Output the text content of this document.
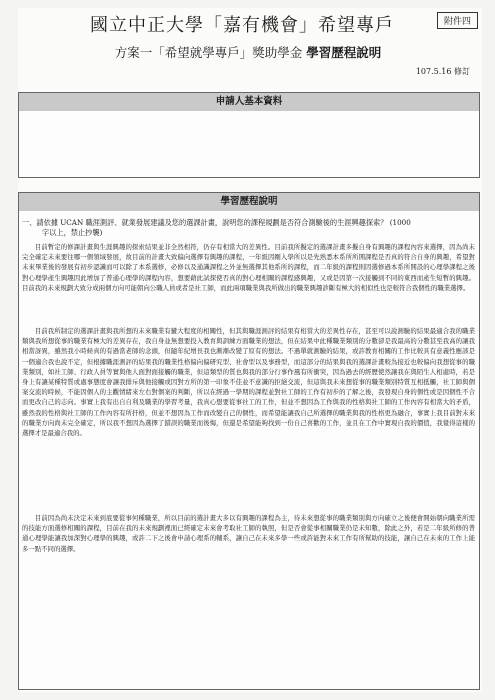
國立中正大學「嘉有機會」希望專戶	附件四
方案一「希望就學專戶」獎助學金 學習歷程說明
107.5.16 修訂
申請人基本資料
學習歷程說明
一、請依據 UCAN 職涯測評、就業發展建議及您的選課計畫，說明您的課程規劃是否符合測驗後的生涯興趣探索？ (1000
字以上，禁止抄襲)
目前暫定的修課計畫與生涯興趣的探索結果並非全然相符，仍存有相當大的差異性。目前我所擬定的選課計畫多擬自身有興趣的課程內容來選擇，因為尚未完全確定未來要往哪一個領域發展，故目前的計畫大致偏向選擇有興趣的課程，一年級因剛入學所以是先熟悉本系所所開課程是否真的符合自身的興趣，希望對未來畢業後的發展有初步認識而可以除了本系選修，必修以及通識課程之外並無選擇其他系所的課程，而二年級的課程則因選修過本系所開設的心理學課程之後對心理學產生興趣因此增加了普通心理學的課程內容，想要藉此試探使否真的對心理相關的課程感興趣，又或是因第一次接觸到不同的東西而產生短暫的興趣。目前我的未來規劃大致分成兩個方向可能朝向公職人員或者是社工師，而此兩項職業與我所做出的職業興趣診斷有極大的相似性也是較符合我個性的職業選擇。
目前我所制定的選課計畫與我所想的未來職業有蠻大程度的相關性，但其與職涯測評的結果有相當大的差異性存在，甚至可以說測驗的結果最適合我的職業類與我所想從事的職業有極大的差異存在，我自身並無想要投入教育與訓練方面職業的想法，但在結果中此種職業類別的分數卻是我最高的分數甚至我高的讓我相當訝異，雖然我小時候真的有過當老師的念頭，但隨年紀增長我也漸漸改變了原有的想法。不過單就測驗的結果，或許教育相關的工作比較具有意義性應該是一個適合我也說不定，但根據職涯測評的結果我的職業性格偏向偏研究型、社會型以及事務型，而這部分的結果與我的選課計畫較為接近也較偏向我想從事的職業類別，如社工師、行政人員等實與他人面對面接觸的職業，但這類型的質也與我的部分行事作風有所衝突，因為過去的經歷使然讓我在與陌生人相處時，若是身上有讓某種特質或處事態度會讓我排斥與他接觸或因對方所的第一印象不佳並不意識的拒絕交流，但這與我未來想從事的職業類別特質互相抵觸，社工師與個案交流的時候，不能因個人的主觀情緒來左右對個案的判斷，所以在經過一學期的課程並對社工師的工作有初步的了解之後，我發現自身的個性或是因個性不合而更改自己的志向。事實上我有出自自利及職業的學習考量，我真心想要從事社工的工作，但並不想因為工作與我的性格與社工師的工作內容有相當大的矛盾，雖然我的性格與社工師的工作內容有所扞格，但並不想因為工作而改變自己的個性，而希望能讓我自己所選擇的職業與我的性格更為融合，事實上我目前對未來的職業方向尚未完全確定，所以我不想因為選擇了錯誤的職業而後悔，但還是希望能夠找到一份自己喜歡的工作，並且在工作中實現自我的價值，我覺得這樣的選擇才是最適合我的。
目前因為尚未決定未來到底要從事何種職業，所以目前的選計畫大多以有興趣的課程為主，待未來想從事的職業類別與方向確立之後便會開始朝向職業所需的技能方面選修相關的課程，目前在我的未來規劃裡面已經確定未來會考取社工師的執照，但是否會從事相關職業仍是未知數，除此之外，若是二年級所修的普通心理學能讓我加深對心理學的興趣，或許二下之後會申請心理系的輔系，讓自己在未來多學一些或許能對未來工作有所幫助的技能，讓自己在未來的工作上能多一點不同的選擇。
